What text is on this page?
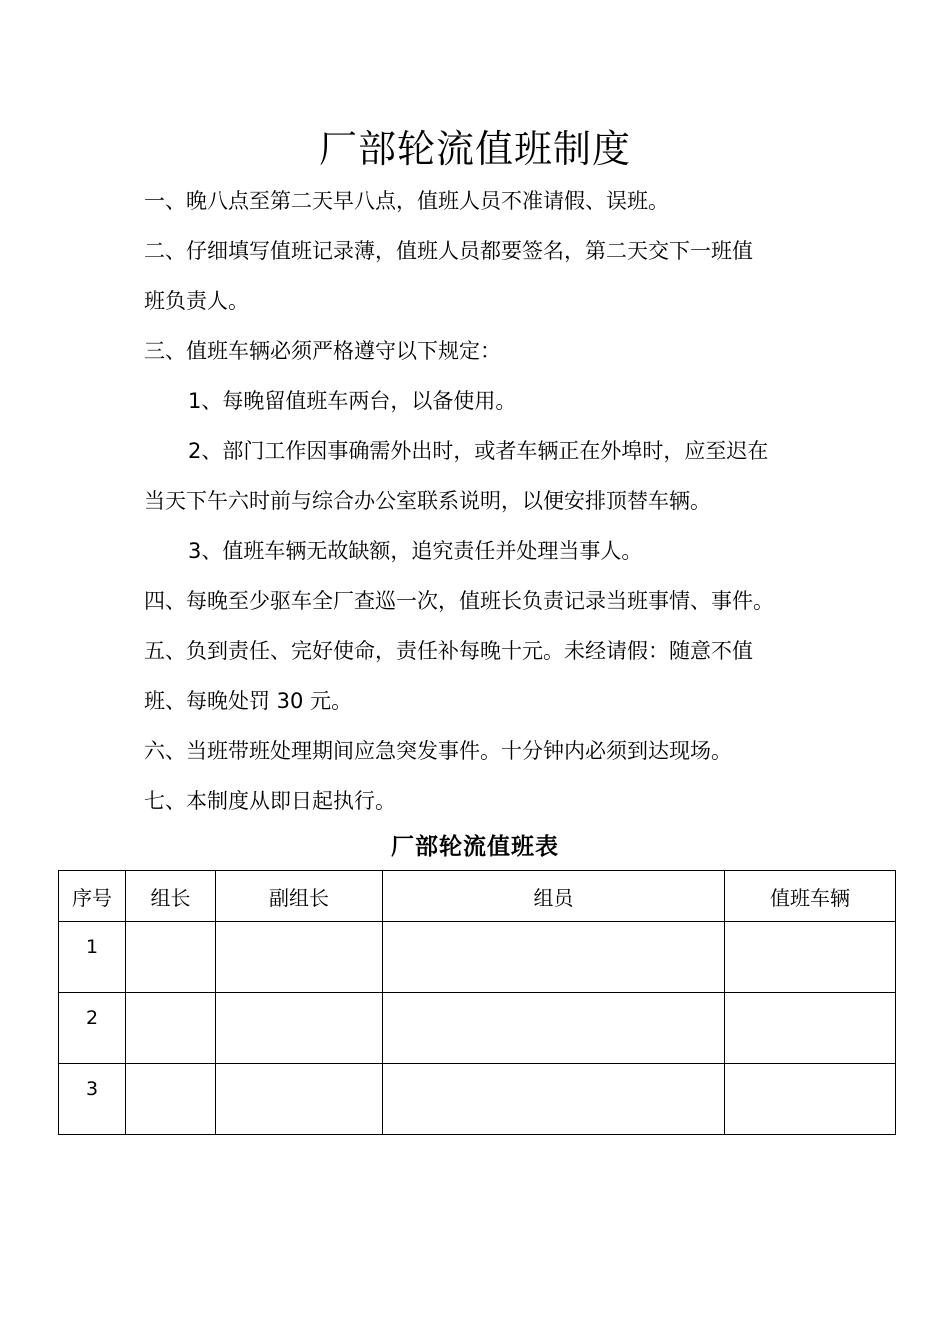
厂部轮流值班制度
一、晚八点至第二天早八点，值班人员不准请假、误班。
二、仔细填写值班记录薄，值班人员都要签名，第二天交下一班值
班负责人。
三、值班车辆必须严格遵守以下规定：
1、每晚留值班车两台，以备使用。
2、部门工作因事确需外出时，或者车辆正在外埠时，应至迟在
当天下午六时前与综合办公室联系说明，以便安排顶替车辆。
3、值班车辆无故缺额，追究责任并处理当事人。
四、每晚至少驱车全厂查巡一次，值班长负责记录当班事情、事件。
五、负到责任、完好使命，责任补每晚十元。未经请假：随意不值
班、每晚处罚 30 元。
六、当班带班处理期间应急突发事件。十分钟内必须到达现场。
七、本制度从即日起执行。
厂部轮流值班表
序号	组长	副组长	组员	值班车辆
1				
2				
3				
